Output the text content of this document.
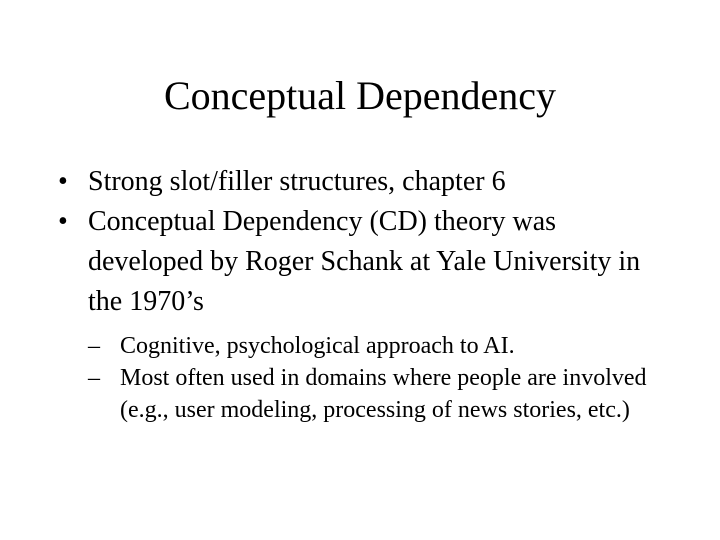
Conceptual Dependency
• Strong slot/filler structures, chapter 6
• Conceptual Dependency (CD) theory was developed by Roger Schank at Yale University in the 1970’s
– Cognitive, psychological approach to AI.
– Most often used in domains where people are involved (e.g., user modeling, processing of news stories, etc.)
